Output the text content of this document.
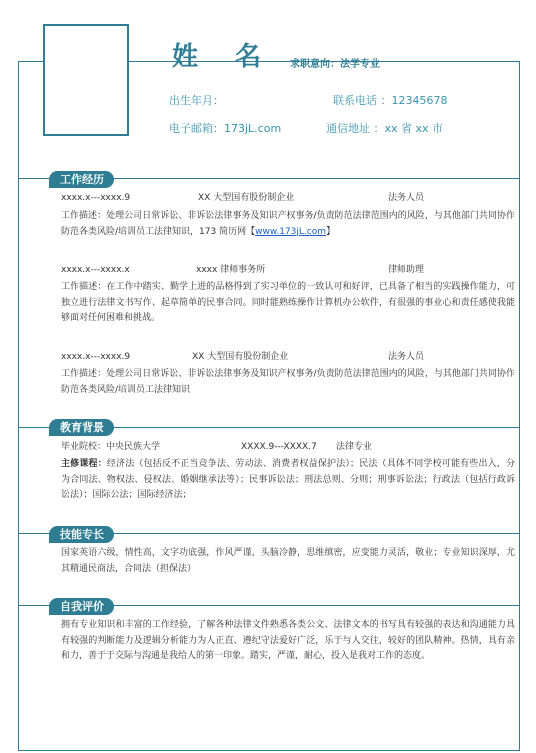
姓 名 求职意向：法学专业
出生年月：	联系电话 ：12345678
电子邮箱：173jL.com	通信地址 ：xx 省 xx 市
工作经历
xxxx.x---xxxx.9	XX 大型国有股份制企业	法务人员
工作描述：处理公司日常诉讼、非诉讼法律事务及知识产权事务/负责防范法律范围内的风险，与其他部门共同协作防范各类风险/培训员工法律知识，173 简历网【www.173jL.com】
xxxx.x---xxxx.x	xxxx 律师事务所	律师助理
工作描述：在工作中踏实、勤学上进的品格得到了实习单位的一致认可和好评，已具备了相当的实践操作能力，可独立进行法律文书写作、起草简单的民事合同。同时能熟练操作计算机办公软件，有很强的事业心和责任感使我能够面对任何困难和挑战。
xxxx.x---xxxx.9	XX 大型国有股份制企业	法务人员
工作描述：处理公司日常诉讼、非诉讼法律事务及知识产权事务/负责防范法律范围内的风险，与其他部门共同协作防范各类风险/培训员工法律知识
教育背景
毕业院校：中央民族大学	XXXX.9---XXXX.7 法律专业
主修课程：经济法（包括反不正当竞争法、劳动法、消费者权益保护法）；民法（具体不同学校可能有些出入，分为合同法、物权法、侵权法、婚姻继承法等）；民事诉讼法；刑法总则、分则；刑事诉讼法；行政法（包括行政诉讼法）；国际公法；国际经济法；
技能专长
国家英语六级，情性高，文字功底强，作风严谨，头脑冷静，思维缜密，应变能力灵活，敬业；专业知识深厚，尤其精通民商法，合同法（担保法）
自我评价
拥有专业知识和丰富的工作经验，了解各种法律文件熟悉各类公文、法律文本的书写具有较强的表达和沟通能力具有较强的判断能力及逻辑分析能力为人正直、遵纪守法爱好广泛，乐于与人交往，较好的团队精神。热情，具有亲和力，善于于交际与沟通是我给人的第一印象。踏实，严谨，耐心，投入是我对工作的态度。
